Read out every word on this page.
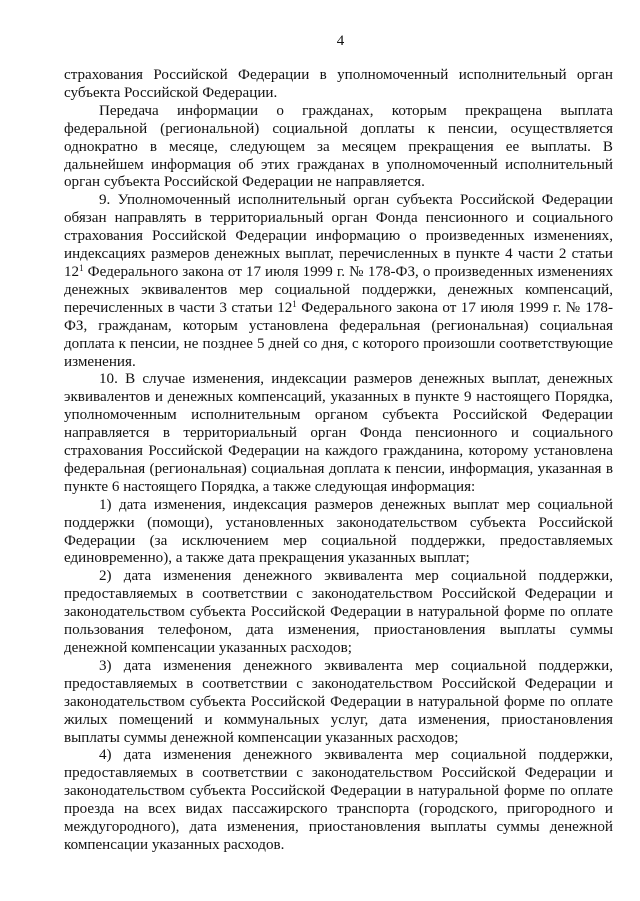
4

страхования Российской Федерации в уполномоченный исполнительный орган субъекта Российской Федерации.

Передача информации о гражданах, которым прекращена выплата федеральной (региональной) социальной доплаты к пенсии, осуществляется однократно в месяце, следующем за месяцем прекращения ее выплаты. В дальнейшем информация об этих гражданах в уполномоченный исполнительный орган субъекта Российской Федерации не направляется.

9. Уполномоченный исполнительный орган субъекта Российской Федерации обязан направлять в территориальный орган Фонда пенсионного и социального страхования Российской Федерации информацию о произведенных изменениях, индексациях размеров денежных выплат, перечисленных в пункте 4 части 2 статьи $12^1$ Федерального закона от 17 июля 1999 г. № 178-ФЗ, о произведенных изменениях денежных эквивалентов мер социальной поддержки, денежных компенсаций, перечисленных в части 3 статьи $12^1$ Федерального закона от 17 июля 1999 г. № 178-ФЗ, гражданам, которым установлена федеральная (региональная) социальная доплата к пенсии, не позднее 5 дней со дня, с которого произошли соответствующие изменения.

10. В случае изменения, индексации размеров денежных выплат, денежных эквивалентов и денежных компенсаций, указанных в пункте 9 настоящего Порядка, уполномоченным исполнительным органом субъекта Российской Федерации направляется в территориальный орган Фонда пенсионного и социального страхования Российской Федерации на каждого гражданина, которому установлена федеральная (региональная) социальная доплата к пенсии, информация, указанная в пункте 6 настоящего Порядка, а также следующая информация:

1) дата изменения, индексация размеров денежных выплат мер социальной поддержки (помощи), установленных законодательством субъекта Российской Федерации (за исключением мер социальной поддержки, предоставляемых единовременно), а также дата прекращения указанных выплат;

2) дата изменения денежного эквивалента мер социальной поддержки, предоставляемых в соответствии с законодательством Российской Федерации и законодательством субъекта Российской Федерации в натуральной форме по оплате пользования телефоном, дата изменения, приостановления выплаты суммы денежной компенсации указанных расходов;

3) дата изменения денежного эквивалента мер социальной поддержки, предоставляемых в соответствии с законодательством Российской Федерации и законодательством субъекта Российской Федерации в натуральной форме по оплате жилых помещений и коммунальных услуг, дата изменения, приостановления выплаты суммы денежной компенсации указанных расходов;

4) дата изменения денежного эквивалента мер социальной поддержки, предоставляемых в соответствии с законодательством Российской Федерации и законодательством субъекта Российской Федерации в натуральной форме по оплате проезда на всех видах пассажирского транспорта (городского, пригородного и междугородного), дата изменения, приостановления выплаты суммы денежной компенсации указанных расходов.
